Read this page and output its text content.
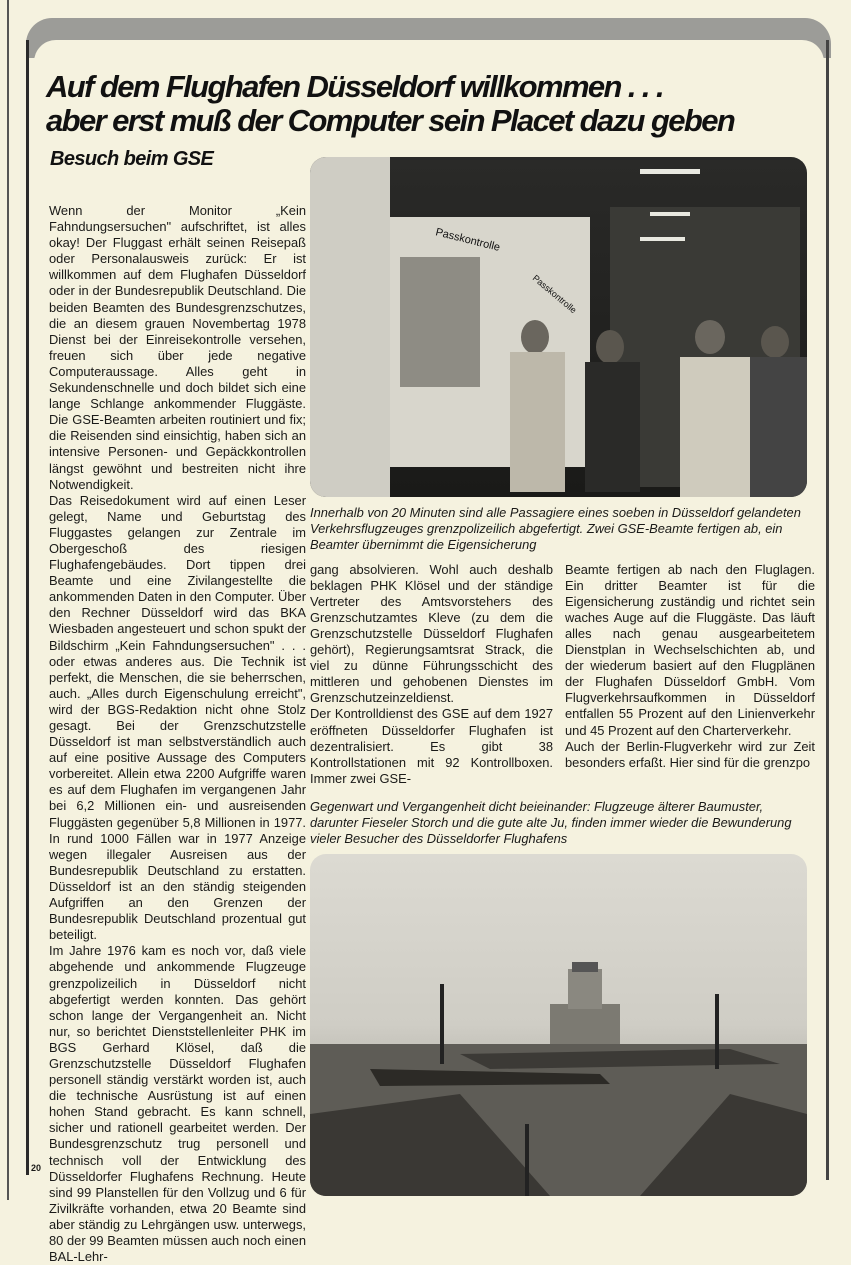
Auf dem Flughafen Düsseldorf willkommen . . .
aber erst muß der Computer sein Placet dazu geben
Besuch beim GSE

Wenn der Monitor „Kein Fahndungsersuchen" aufschriftet, ist alles okay! Der Fluggast erhält seinen Reisepaß oder Personalausweis zurück: Er ist willkommen auf dem Flughafen Düsseldorf oder in der Bundesrepublik Deutschland. Die beiden Beamten des Bundesgrenzschutzes, die an diesem grauen Novembertag 1978 Dienst bei der Einreisekontrolle versehen, freuen sich über jede negative Computeraussage. Alles geht in Sekundenschnelle und doch bildet sich eine lange Schlange ankommender Fluggäste. Die GSE-Beamten arbeiten routiniert und fix; die Reisenden sind einsichtig, haben sich an intensive Personen- und Gepäckkontrollen längst gewöhnt und bestreiten nicht ihre Notwendigkeit.

Das Reisedokument wird auf einen Leser gelegt, Name und Geburtstag des Fluggastes gelangen zur Zentrale im Obergeschoß des riesigen Flughafengebäudes. Dort tippen drei Beamte und eine Zivilangestellte die ankommenden Daten in den Computer. Über den Rechner Düsseldorf wird das BKA Wiesbaden angesteuert und schon spukt der Bildschirm „Kein Fahndungsersuchen" . . . oder etwas anderes aus. Die Technik ist perfekt, die Menschen, die sie beherrschen, auch. „Alles durch Eigenschulung erreicht", wird der BGS-Redaktion nicht ohne Stolz gesagt. Bei der Grenzschutzstelle Düsseldorf ist man selbstverständlich auch auf eine positive Aussage des Computers vorbereitet. Allein etwa 2200 Aufgriffe waren es auf dem Flughafen im vergangenen Jahr bei 6,2 Millionen ein- und ausreisenden Fluggästen gegenüber 5,8 Millionen in 1977. In rund 1000 Fällen war in 1977 Anzeige wegen illegaler Ausreisen aus der Bundesrepublik Deutschland zu erstatten. Düsseldorf ist an den ständig steigenden Aufgriffen an den Grenzen der Bundesrepublik Deutschland prozentual gut beteiligt.

Im Jahre 1976 kam es noch vor, daß viele abgehende und ankommende Flugzeuge grenzpolizeilich in Düsseldorf nicht abgefertigt werden konnten. Das gehört schon lange der Vergangenheit an. Nicht nur, so berichtet Dienststellenleiter PHK im BGS Gerhard Klösel, daß die Grenzschutzstelle Düsseldorf Flughafen personell ständig verstärkt worden ist, auch die technische Ausrüstung ist auf einen hohen Stand gebracht. Es kann schnell, sicher und rationell gearbeitet werden. Der Bundesgrenzschutz trug personell und technisch voll der Entwicklung des Düsseldorfer Flughafens Rechnung. Heute sind 99 Planstellen für den Vollzug und 6 für Zivilkräfte vorhanden, etwa 20 Beamte sind aber ständig zu Lehrgängen usw. unterwegs, 80 der 99 Beamten müssen auch noch einen BAL-Lehr-

Passkontrolle
Passkontrolle
Innerhalb von 20 Minuten sind alle Passagiere eines soeben in Düsseldorf gelandeten Verkehrsflugzeuges grenzpolizeilich abgefertigt. Zwei GSE-Beamte fertigen ab, ein Beamter übernimmt die Eigensicherung

gang absolvieren. Wohl auch deshalb beklagen PHK Klösel und der ständige Vertreter des Amtsvorstehers des Grenzschutzamtes Kleve (zu dem die Grenzschutzstelle Düsseldorf Flughafen gehört), Regierungsamtsrat Strack, die viel zu dünne Führungsschicht des mittleren und gehobenen Dienstes im Grenzschutzeinzeldienst.

Der Kontrolldienst des GSE auf dem 1927 eröffneten Düsseldorfer Flughafen ist dezentralisiert. Es gibt 38 Kontrollstationen mit 92 Kontrollboxen. Immer zwei GSE-

Beamte fertigen ab nach den Fluglagen. Ein dritter Beamter ist für die Eigensicherung zuständig und richtet sein waches Auge auf die Fluggäste. Das läuft alles nach genau ausgearbeitetem Dienstplan in Wechselschichten ab, und der wiederum basiert auf den Flugplänen der Flughafen Düsseldorf GmbH. Vom Flugverkehrsaufkommen in Düsseldorf entfallen 55 Prozent auf den Linienverkehr und 45 Prozent auf den Charterverkehr.

Auch der Berlin-Flugverkehr wird zur Zeit besonders erfaßt. Hier sind für die grenzpo

Gegenwart und Vergangenheit dicht beieinander: Flugzeuge älterer Baumuster, darunter Fieseler Storch und die gute alte Ju, finden immer wieder die Bewunderung vieler Besucher des Düsseldorfer Flughafens
20
